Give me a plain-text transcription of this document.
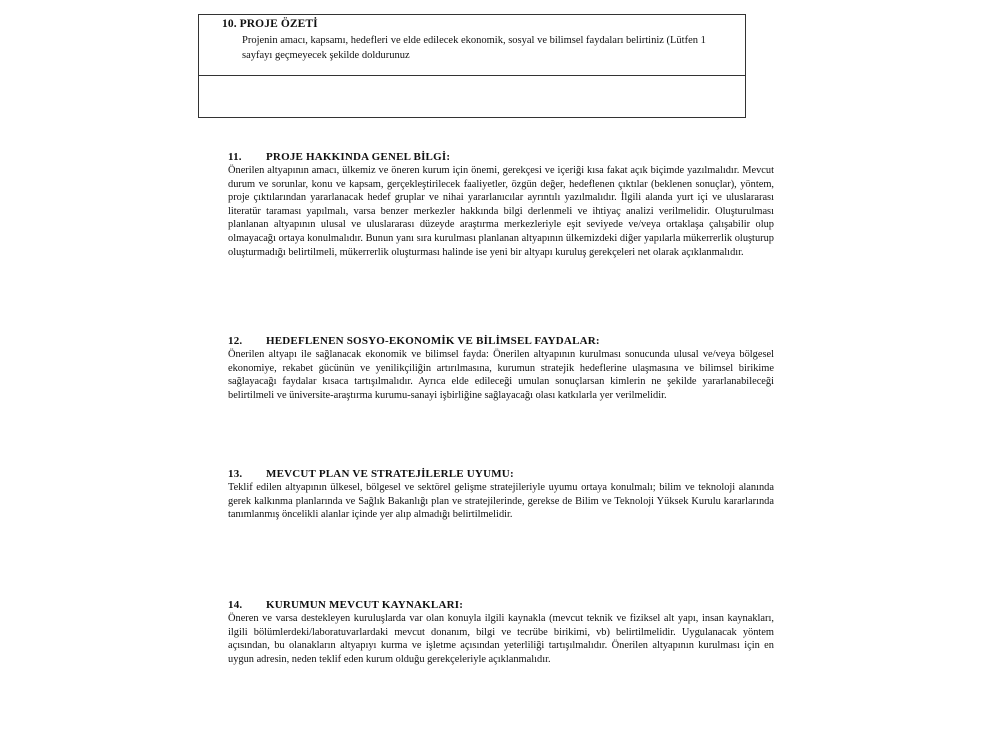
10. PROJE ÖZETİ
Projenin amacı, kapsamı, hedefleri ve elde edilecek ekonomik, sosyal ve bilimsel faydaları belirtiniz (Lütfen 1 sayfayı geçmeyecek şekilde doldurunuz
11. PROJE HAKKINDA GENEL BİLGİ:
Önerilen altyapının amacı, ülkemiz ve öneren kurum için önemi, gerekçesi ve içeriği kısa fakat açık biçimde yazılmalıdır. Mevcut durum ve sorunlar, konu ve kapsam, gerçekleştirilecek faaliyetler, özgün değer, hedeflenen çıktılar (beklenen sonuçlar), yöntem, proje çıktılarından yararlanacak hedef gruplar ve nihai yararlanıcılar ayrıntılı yazılmalıdır. İlgili alanda yurt içi ve uluslararası literatür taraması yapılmalı, varsa benzer merkezler hakkında bilgi derlenmeli ve ihtiyaç analizi verilmelidir. Oluşturulması planlanan altyapının ulusal ve uluslararası düzeyde araştırma merkezleriyle eşit seviyede ve/veya ortaklaşa çalışabilir olup olmayacağı ortaya konulmalıdır. Bunun yanı sıra kurulması planlanan altyapının ülkemizdeki diğer yapılarla mükerrerlik oluşturup oluşturmadığı belirtilmeli, mükerrerlik oluşturması halinde ise yeni bir altyapı kuruluş gerekçeleri net olarak açıklanmalıdır.
12. HEDEFLENEN SOSYO-EKONOMİK VE BİLİMSEL FAYDALAR:
Önerilen altyapı ile sağlanacak ekonomik ve bilimsel fayda: Önerilen altyapının kurulması sonucunda ulusal ve/veya bölgesel ekonomiye, rekabet gücünün ve yenilikçiliğin artırılmasına, kurumun stratejik hedeflerine ulaşmasına ve bilimsel birikime sağlayacağı faydalar kısaca tartışılmalıdır. Ayrıca elde edileceği umulan sonuçlarsan kimlerin ne şekilde yararlanabileceği belirtilmeli ve üniversite-araştırma kurumu-sanayi işbirliğine sağlayacağı olası katkılarla yer verilmelidir.
13. MEVCUT PLAN VE STRATEJİLERLE UYUMU:
Teklif edilen altyapının ülkesel, bölgesel ve sektörel gelişme stratejileriyle uyumu ortaya konulmalı; bilim ve teknoloji alanında gerek kalkınma planlarında ve Sağlık Bakanlığı plan ve stratejilerinde, gerekse de Bilim ve Teknoloji Yüksek Kurulu kararlarında tanımlanmış öncelikli alanlar içinde yer alıp almadığı belirtilmelidir.
14. KURUMUN MEVCUT KAYNAKLARI:
Öneren ve varsa destekleyen kuruluşlarda var olan konuyla ilgili kaynakla (mevcut teknik ve fiziksel alt yapı, insan kaynakları, ilgili bölümlerdeki/laboratuvarlardaki mevcut donanım, bilgi ve tecrübe birikimi, vb) belirtilmelidir. Uygulanacak yöntem açısından, bu olanakların altyapıyı kurma ve işletme açısından yeterliliği tartışılmalıdır. Önerilen altyapının kurulması için en uygun adresin, neden teklif eden kurum olduğu gerekçeleriyle açıklanmalıdır.
